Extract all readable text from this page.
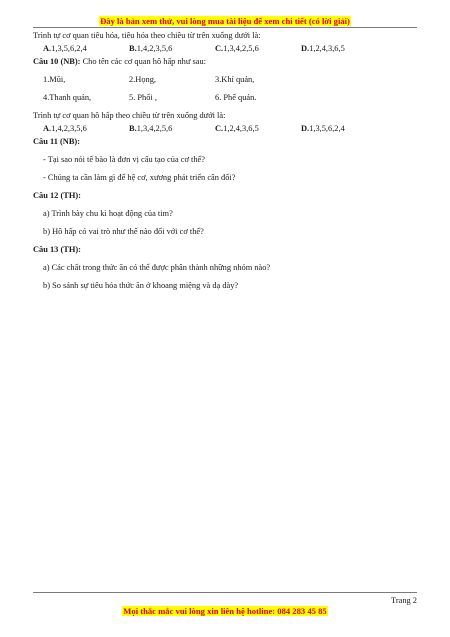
Đây là bản xem thử, vui lòng mua tài liệu để xem chi tiết (có lời giải)
Trình tự cơ quan tiêu hóa, tiêu hóa theo chiều từ trên xuống dưới là:
A.1,3,5,6,2,4	B.1,4,2,3,5,6	C.1,3,4,2,5,6	D.1,2,4,3,6,5
Câu 10 (NB): Cho tên các cơ quan hô hấp như sau:
1.Mũi,	2.Họng,	3.Khí quản,
4.Thanh quản,	5. Phổi ,	6. Phế quản.
Trình tự cơ quan hô hấp theo chiều từ trên xuống dưới là:
A.1,4,2,3,5,6	B.1,3,4,2,5,6	C.1,2,4,3,6,5	D.1,3,5,6,2,4
Câu 11 (NB):
- Tại sao nói tế bào là đơn vị cấu tạo của cơ thể?
- Chúng ta cần làm gì để hệ cơ, xương phát triển cân đối?
Câu 12 (TH):
a) Trình bày chu kì hoạt động của tim?
b) Hô hấp có vai trò như thế nào đối với cơ thể?
Câu 13 (TH):
a) Các chất trong thức ăn có thể được phân thành những nhóm nào?
b) So sánh sự tiêu hóa thức ăn ở khoang miệng và dạ dày?
Trang 2
Mọi thắc mắc vui lòng xin liên hệ hotline: 084 283 45 85
